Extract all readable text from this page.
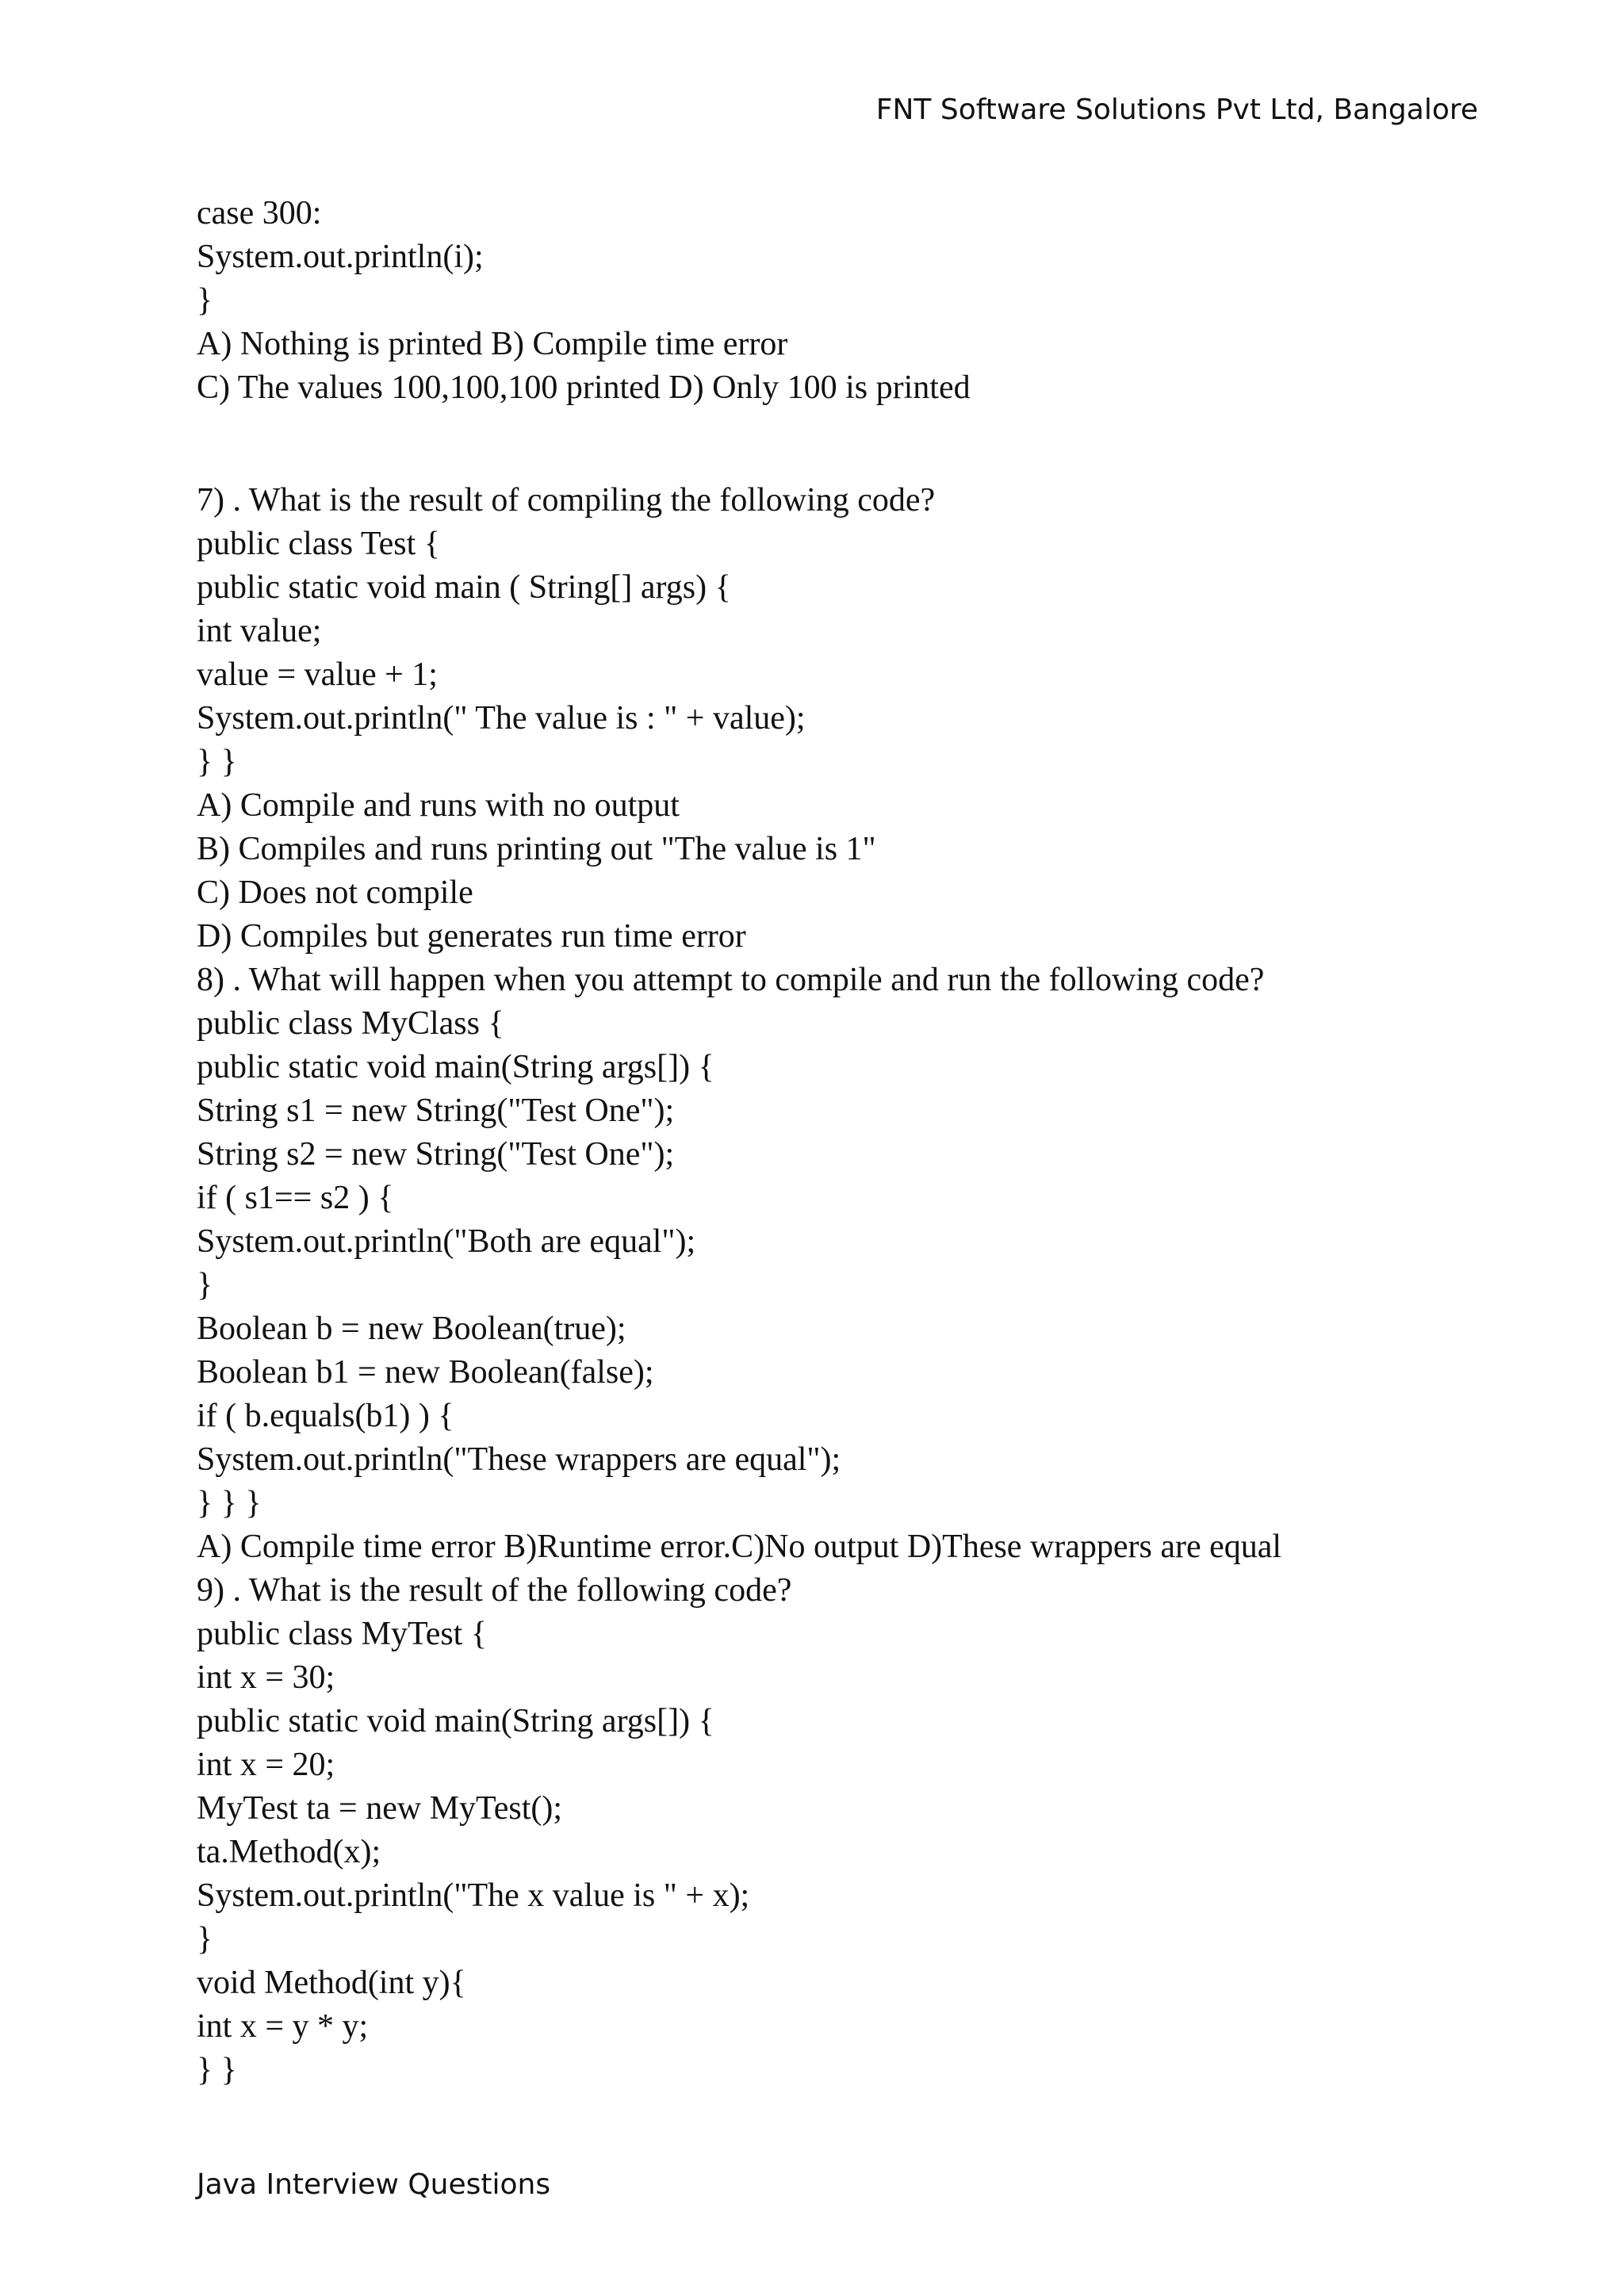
FNT Software Solutions Pvt Ltd, Bangalore
case 300:
System.out.println(i);
}
A) Nothing is printed B) Compile time error
C) The values 100,100,100 printed D) Only 100 is printed
7) . What is the result of compiling the following code?
public class Test {
public static void main ( String[] args) {
int value;
value = value + 1;
System.out.println(" The value is : " + value);
} }
A) Compile and runs with no output
B) Compiles and runs printing out "The value is 1"
C) Does not compile
D) Compiles but generates run time error
8) . What will happen when you attempt to compile and run the following code?
public class MyClass {
public static void main(String args[]) {
String s1 = new String("Test One");
String s2 = new String("Test One");
if ( s1== s2 ) {
System.out.println("Both are equal");
}
Boolean b = new Boolean(true);
Boolean b1 = new Boolean(false);
if ( b.equals(b1) ) {
System.out.println("These wrappers are equal");
} } }
A) Compile time error B)Runtime error.C)No output D)These wrappers are equal
9) . What is the result of the following code?
public class MyTest {
int x = 30;
public static void main(String args[]) {
int x = 20;
MyTest ta = new MyTest();
ta.Method(x);
System.out.println("The x value is " + x);
}
void Method(int y){
int x = y * y;
} }
Java Interview Questions
